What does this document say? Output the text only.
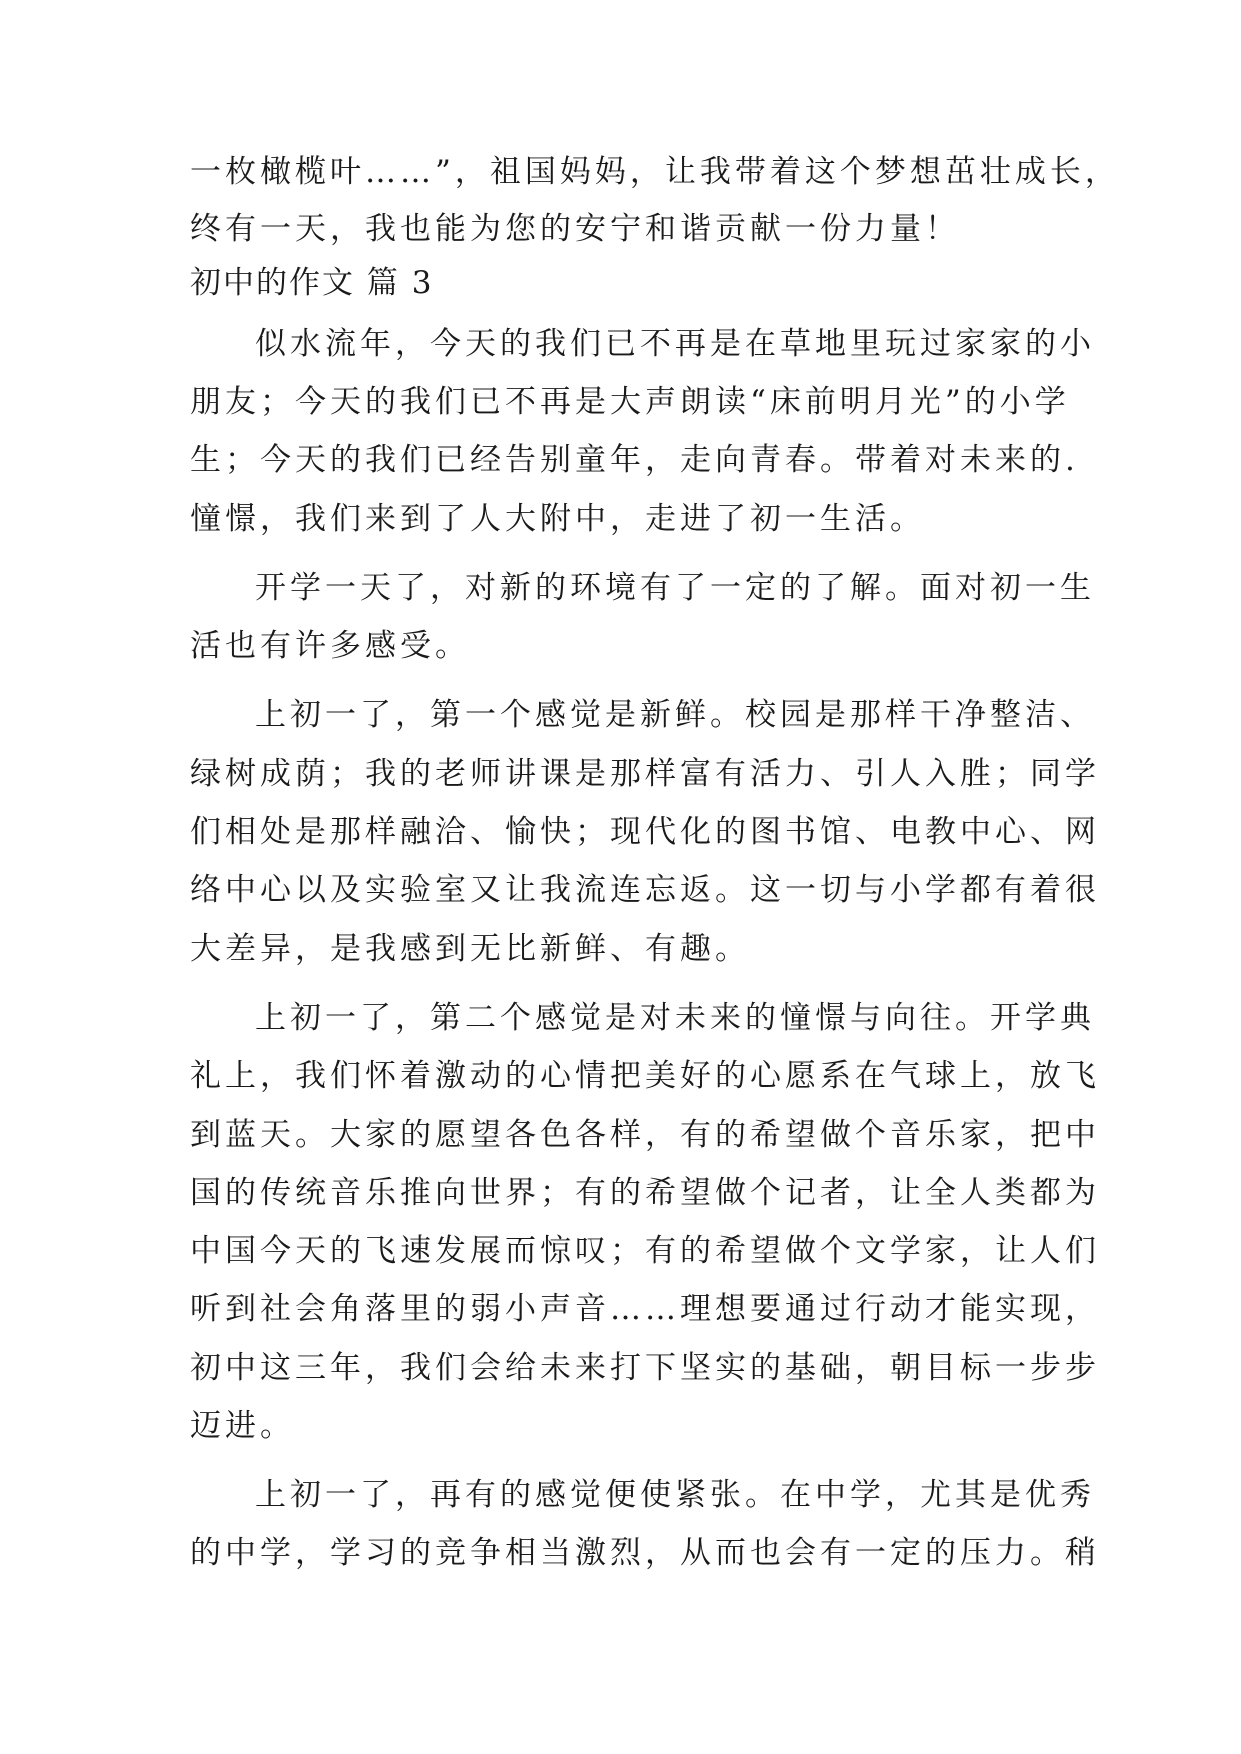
一枚橄榄叶……”，祖国妈妈，让我带着这个梦想茁壮成长，

终有一天，我也能为您的安宁和谐贡献一份力量！

初中的作文 篇 3

似水流年，今天的我们已不再是在草地里玩过家家的小

朋友；今天的我们已不再是大声朗读“床前明月光”的小学

生；今天的我们已经告别童年，走向青春。带着对未来的.

憧憬，我们来到了人大附中，走进了初一生活。

开学一天了，对新的环境有了一定的了解。面对初一生

活也有许多感受。

上初一了，第一个感觉是新鲜。校园是那样干净整洁、

绿树成荫；我的老师讲课是那样富有活力、引人入胜；同学

们相处是那样融洽、愉快；现代化的图书馆、电教中心、网

络中心以及实验室又让我流连忘返。这一切与小学都有着很

大差异，是我感到无比新鲜、有趣。

上初一了，第二个感觉是对未来的憧憬与向往。开学典

礼上，我们怀着激动的心情把美好的心愿系在气球上，放飞

到蓝天。大家的愿望各色各样，有的希望做个音乐家，把中

国的传统音乐推向世界；有的希望做个记者，让全人类都为

中国今天的飞速发展而惊叹；有的希望做个文学家，让人们

听到社会角落里的弱小声音……理想要通过行动才能实现，

初中这三年，我们会给未来打下坚实的基础，朝目标一步步

迈进。

上初一了，再有的感觉便使紧张。在中学，尤其是优秀

的中学，学习的竞争相当激烈，从而也会有一定的压力。稍
